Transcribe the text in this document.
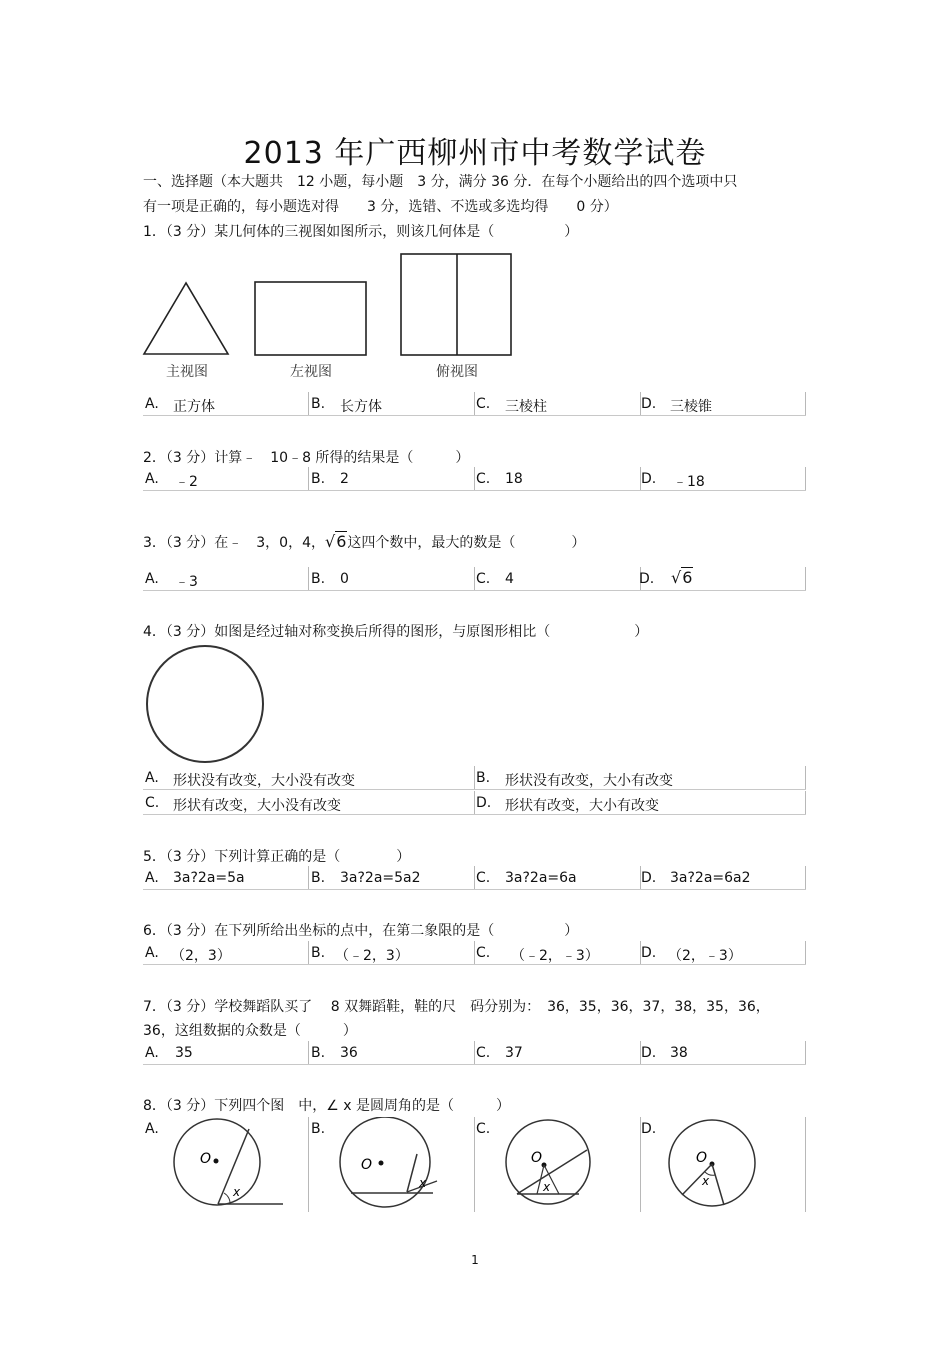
2013 年广西柳州市中考数学试卷
一、选择题（本大题共　12 小题，每小题　3 分，满分 36 分．在每个小题给出的四个选项中只
有一项是正确的，每小题选对得　　3 分，选错、不选或多选均得　　0 分）
1．（3 分）某几何体的三视图如图所示，则该几何体是（　　　　　）
主视图	左视图	俯视图
A. 正方体	B. 长方体	C. 三棱柱	D. 三棱锥
2．（3 分）计算﹣　10﹣8 所得的结果是（　　　）
A. ﹣2	B. 2	C. 18	D. ﹣18
3．（3 分）在﹣　3，0，4，√6这四个数中，最大的数是（　　　　）
A. ﹣3	B. 0	C. 4	D. √6
4．（3 分）如图是经过轴对称变换后所得的图形，与原图形相比（　　　　　　）
A. 形状没有改变，大小没有改变	B. 形状没有改变，大小有改变
C. 形状有改变，大小没有改变	D. 形状有改变，大小有改变
5．（3 分）下列计算正确的是（　　　　）
A. 3a?2a=5a	B. 3a?2a=5a2	C. 3a?2a=6a	D. 3a?2a=6a2
6．（3 分）在下列所给出坐标的点中，在第二象限的是（　　　　　）
A. （2，3）	B. （﹣2，3）	C. （﹣2，﹣3）	D. （2，﹣3）
7．（3 分）学校舞蹈队买了　 8 双舞蹈鞋，鞋的尺　码分别为：　36，35，36，37，38，35，36，
36，这组数据的众数是（　　　）
A. 35	B. 36	C. 37	D. 38
8．（3 分）下列四个图　中，∠ x 是圆周角的是（　　　）
A.	B.	C.	D.
O
x
O
x
O
x
O
x
1
